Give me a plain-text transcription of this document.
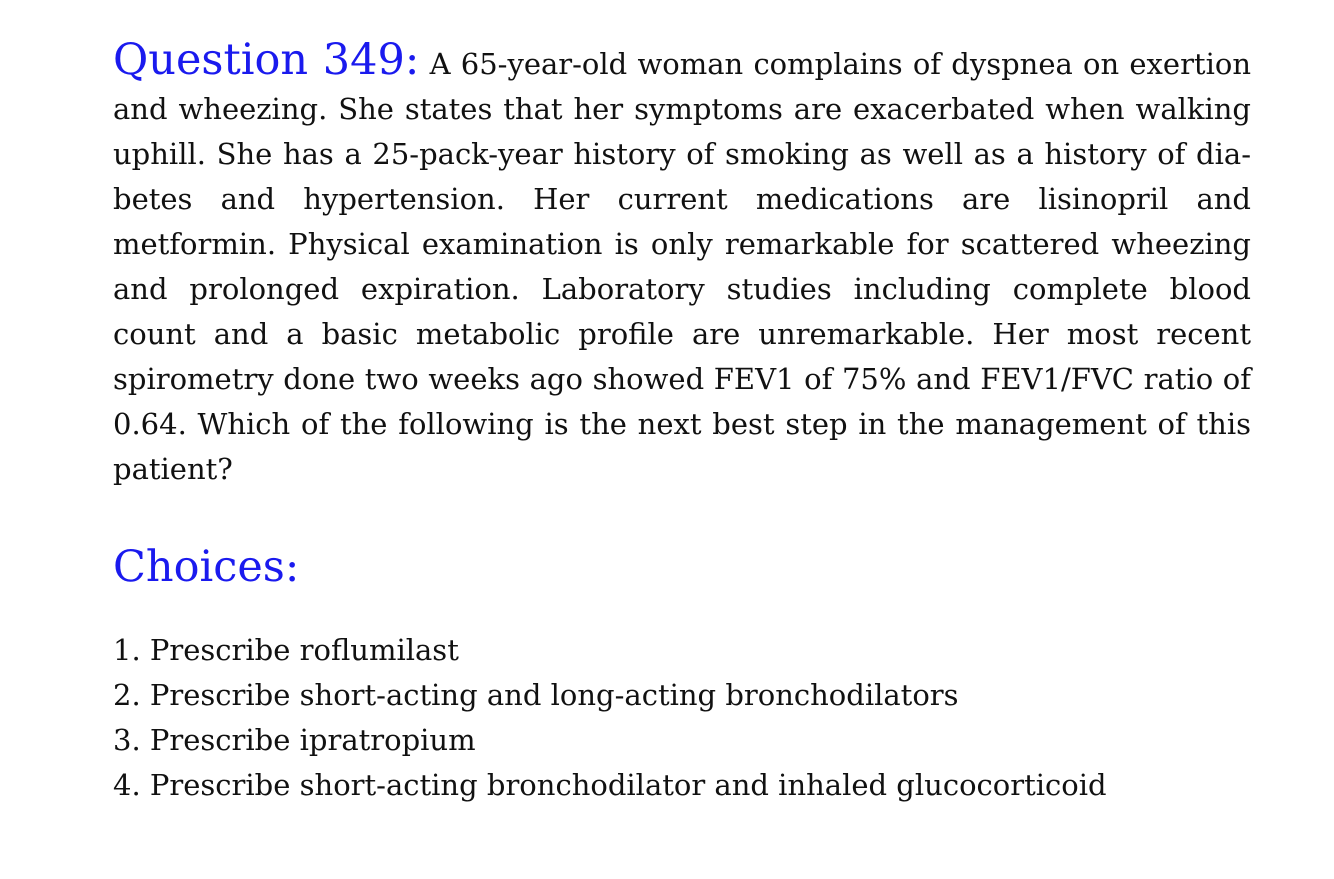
Question 349: A 65-year-old woman complains of dyspnea on exertion and wheezing. She states that her symptoms are exacerbated when walking uphill. She has a 25-pack-year history of smoking as well as a history of diabetes and hypertension. Her current medications are lisinopril and metformin. Physical examination is only remarkable for scattered wheezing and prolonged expiration. Laboratory studies including complete blood count and a basic metabolic profile are unremarkable. Her most recent spirometry done two weeks ago showed FEV1 of 75% and FEV1/FVC ratio of 0.64. Which of the following is the next best step in the management of this patient?

Choices:
1. Prescribe roflumilast
2. Prescribe short-acting and long-acting bronchodilators
3. Prescribe ipratropium
4. Prescribe short-acting bronchodilator and inhaled glucocorticoid
